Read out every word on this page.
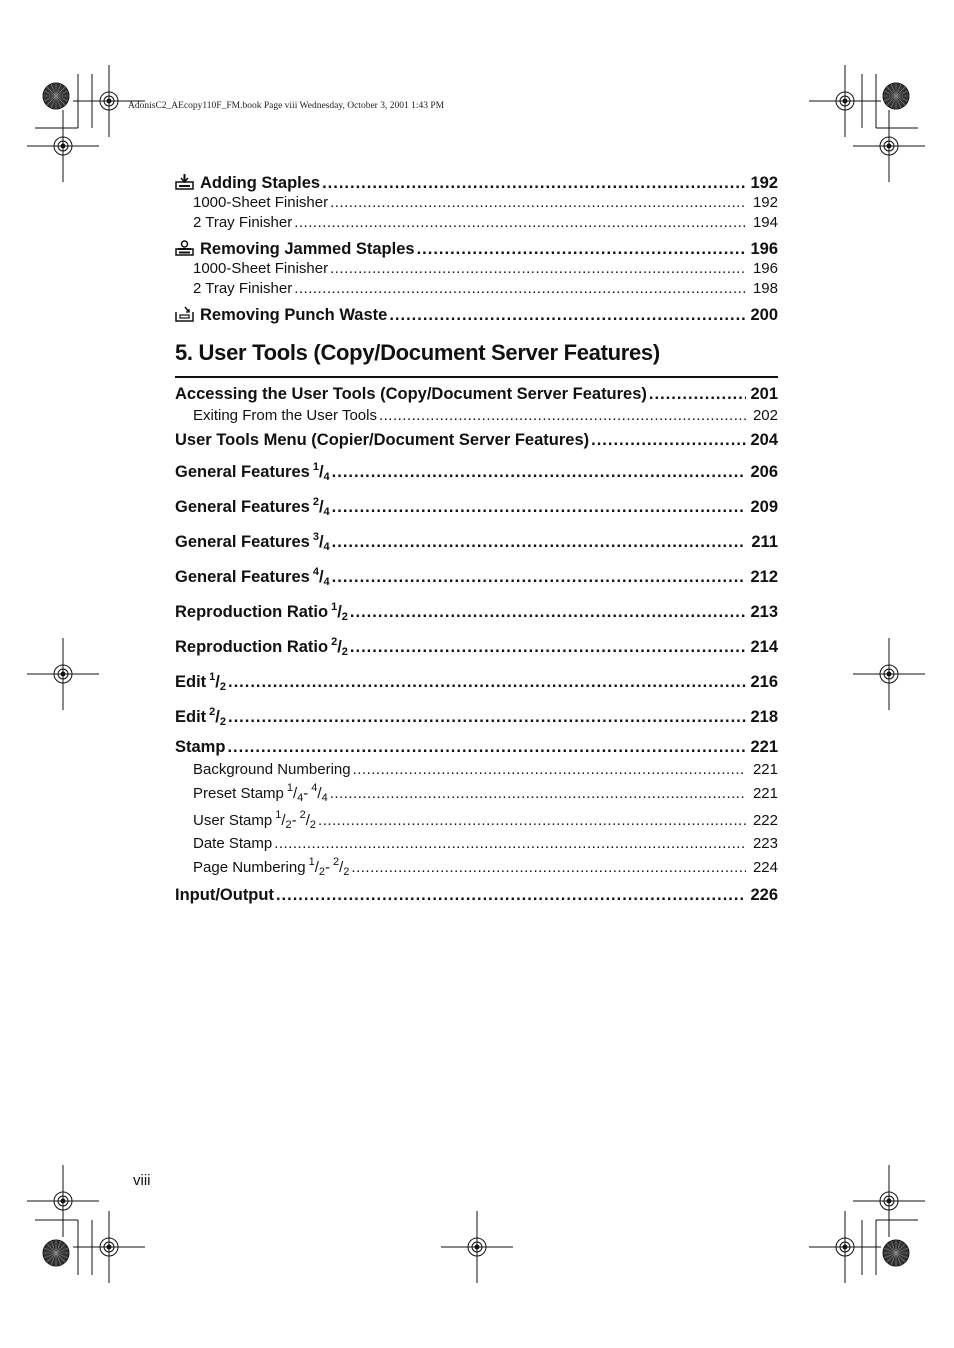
AdonisC2_AEcopy110F_FM.book Page viii Wednesday, October 3, 2001 1:43 PM
Adding Staples .....	192
1000-Sheet Finisher .....	192
2 Tray Finisher .....	194
Removing Jammed Staples .....	196
1000-Sheet Finisher .....	196
2 Tray Finisher .....	198
Removing Punch Waste .....	200
5. User Tools (Copy/Document Server Features)
Accessing the User Tools (Copy/Document Server Features) .....	201
Exiting From the User Tools .....	202
User Tools Menu (Copier/Document Server Features) .....	204
General Features 1 / 4 .....	206
General Features 2 / 4 .....	209
General Features 3 / 4 .....	211
General Features 4 / 4 .....	212
Reproduction Ratio 1 / 2 .....	213
Reproduction Ratio 2 / 2 .....	214
Edit 1 / 2 .....	216
Edit 2 / 2 .....	218
Stamp .....	221
Background Numbering .....	221
Preset Stamp 1 / 4 - 4 / 4 .....	221
User Stamp 1 / 2 - 2 / 2 .....	222
Date Stamp .....	223
Page Numbering 1 / 2 - 2 / 2 .....	224
Input/Output .....	226
viii
